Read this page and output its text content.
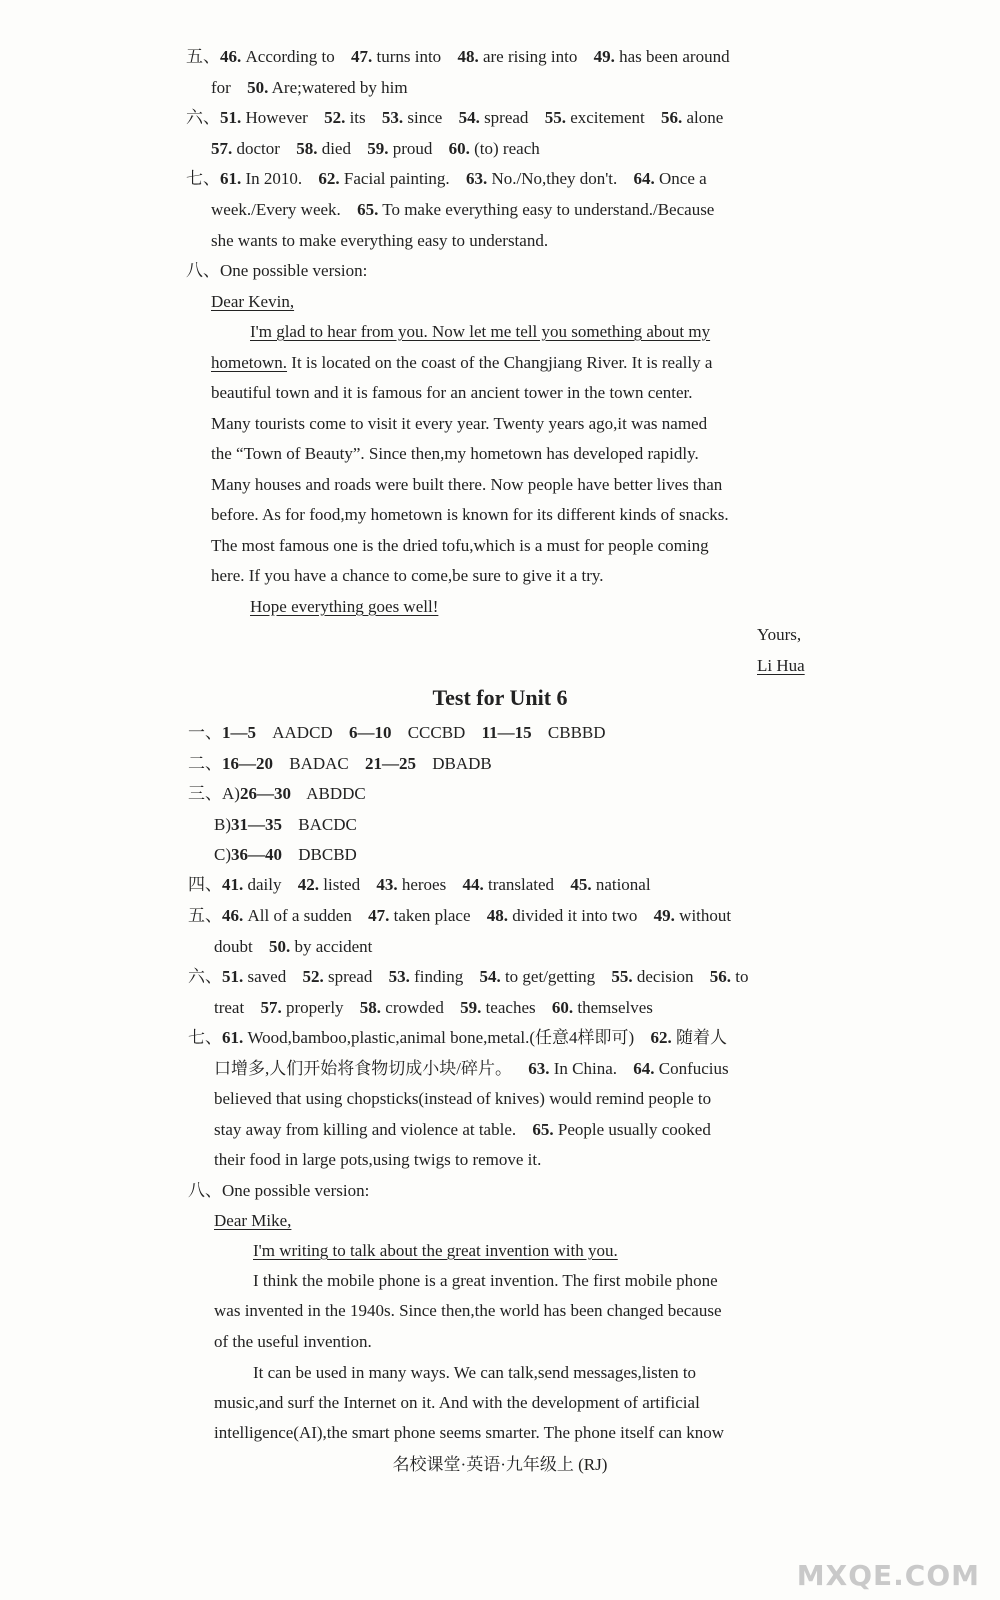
五、46. According to 47. turns into 48. are rising into 49. has been around
for 50. Are;watered by him
六、51. However 52. its 53. since 54. spread 55. excitement 56. alone
57. doctor 58. died 59. proud 60. (to) reach
七、61. In 2010. 62. Facial painting. 63. No./No,they don't. 64. Once a
week./Every week. 65. To make everything easy to understand./Because
she wants to make everything easy to understand.
八、One possible version:
Dear Kevin,
I'm glad to hear from you. Now let me tell you something about my
hometown. It is located on the coast of the Changjiang River. It is really a
beautiful town and it is famous for an ancient tower in the town center.
Many tourists come to visit it every year. Twenty years ago,it was named
the “Town of Beauty”. Since then,my hometown has developed rapidly.
Many houses and roads were built there. Now people have better lives than
before. As for food,my hometown is known for its different kinds of snacks.
The most famous one is the dried tofu,which is a must for people coming
here. If you have a chance to come,be sure to give it a try.
Hope everything goes well!
Yours,
Li Hua
Test for Unit 6
一、1—5 AADCD 6—10 CCCBD 11—15 CBBBD
二、16—20 BADAC 21—25 DBADB
三、A)26—30 ABDDC
B)31—35 BACDC
C)36—40 DBCBD
四、41. daily 42. listed 43. heroes 44. translated 45. national
五、46. All of a sudden 47. taken place 48. divided it into two 49. without
doubt 50. by accident
六、51. saved 52. spread 53. finding 54. to get/getting 55. decision 56. to
treat 57. properly 58. crowded 59. teaches 60. themselves
七、61. Wood,bamboo,plastic,animal bone,metal.(任意4样即可) 62. 随着人
口增多,人们开始将食物切成小块/碎片。 63. In China. 64. Confucius
believed that using chopsticks(instead of knives) would remind people to
stay away from killing and violence at table. 65. People usually cooked
their food in large pots,using twigs to remove it.
八、One possible version:
Dear Mike,
I'm writing to talk about the great invention with you.
I think the mobile phone is a great invention. The first mobile phone
was invented in the 1940s. Since then,the world has been changed because
of the useful invention.
It can be used in many ways. We can talk,send messages,listen to
music,and surf the Internet on it. And with the development of artificial
intelligence(AI),the smart phone seems smarter. The phone itself can know
名校课堂·英语·九年级上 (RJ)
MXQE.COM
